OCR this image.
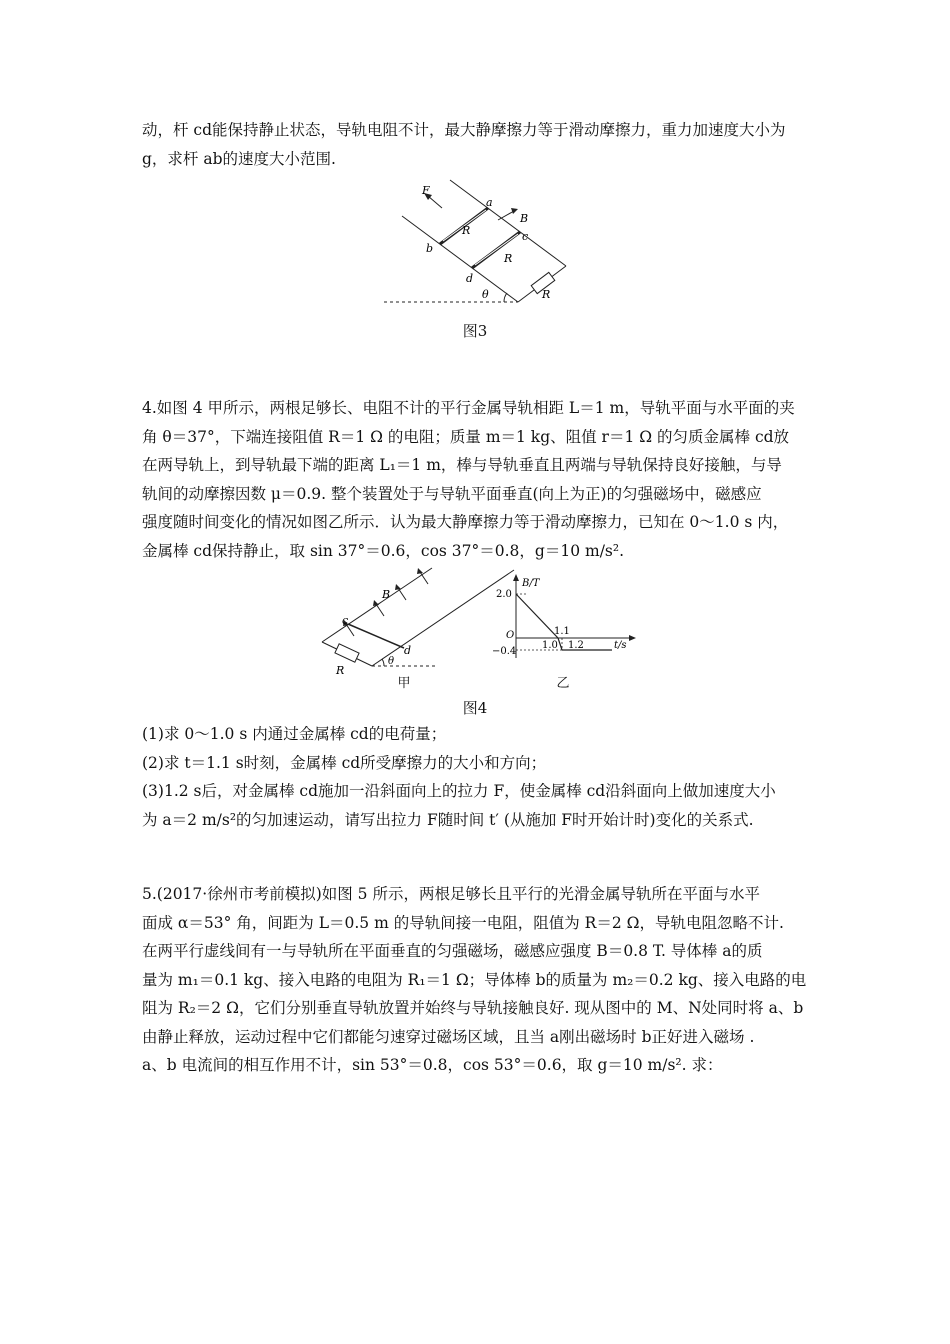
动，杆 cd能保持静止状态，导轨电阻不计，最大静摩擦力等于滑动摩擦力，重力加速度大小为

g，求杆 ab的速度大小范围.

F
a
B
b
c
d
R
R
R
θ
图3

4.如图 4 甲所示，两根足够长、电阻不计的平行金属导轨相距 L＝1 m，导轨平面与水平面的夹

角 θ＝37°，下端连接阻值 R＝1 Ω 的电阻；质量 m＝1 kg、阻值 r＝1 Ω 的匀质金属棒 cd放

在两导轨上，到导轨最下端的距离 L₁＝1 m，棒与导轨垂直且两端与导轨保持良好接触，与导

轨间的动摩擦因数 μ＝0.9. 整个装置处于与导轨平面垂直(向上为正)的匀强磁场中，磁感应

强度随时间变化的情况如图乙所示．认为最大静摩擦力等于滑动摩擦力，已知在 0～1.0 s 内，

金属棒 cd保持静止，取 sin 37°＝0.6，cos 37°＝0.8，g＝10 m/s².

c
B
d
R
θ
甲
B/T
2.0
−0.4
O	1.1
1.0 1.2	t/s
乙
图4

(1)求 0～1.0 s 内通过金属棒 cd的电荷量；

(2)求 t＝1.1 s时刻，金属棒 cd所受摩擦力的大小和方向；

(3)1.2 s后，对金属棒 cd施加一沿斜面向上的拉力 F，使金属棒 cd沿斜面向上做加速度大小

为 a＝2 m/s²的匀加速运动，请写出拉力 F随时间 t′ (从施加 F时开始计时)变化的关系式.

5.(2017·徐州市考前模拟)如图 5 所示，两根足够长且平行的光滑金属导轨所在平面与水平

面成 α＝53° 角，间距为 L＝0.5 m 的导轨间接一电阻，阻值为 R＝2 Ω，导轨电阻忽略不计.

在两平行虚线间有一与导轨所在平面垂直的匀强磁场，磁感应强度 B＝0.8 T. 导体棒 a的质

量为 m₁＝0.1 kg、接入电路的电阻为 R₁＝1 Ω；导体棒 b的质量为 m₂＝0.2 kg、接入电路的电

阻为 R₂＝2 Ω，它们分别垂直导轨放置并始终与导轨接触良好. 现从图中的 M、N处同时将 a、b

由静止释放，运动过程中它们都能匀速穿过磁场区域，且当 a刚出磁场时 b正好进入磁场 .

a、b 电流间的相互作用不计，sin 53°＝0.8，cos 53°＝0.6，取 g＝10 m/s². 求：
